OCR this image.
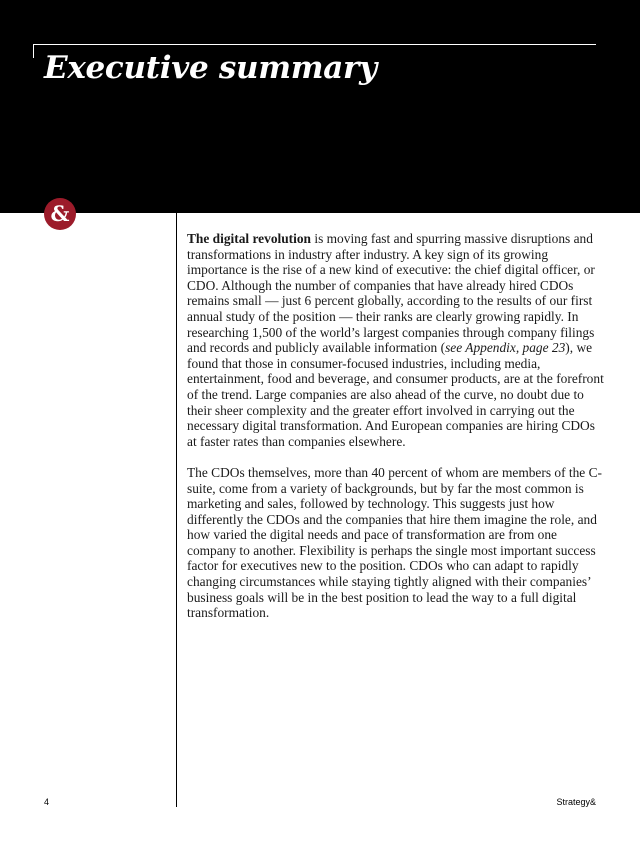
Executive summary
&

The digital revolution is moving fast and spurring massive disruptions and transformations in industry after industry. A key sign of its growing importance is the rise of a new kind of executive: the chief digital officer, or CDO. Although the number of companies that have already hired CDOs remains small — just 6 percent globally, according to the results of our first annual study of the position — their ranks are clearly growing rapidly. In researching 1,500 of the world’s largest companies through company filings and records and publicly available information (see Appendix, page 23), we found that those in consumer-focused industries, including media, entertainment, food and beverage, and consumer products, are at the forefront of the trend. Large companies are also ahead of the curve, no doubt due to their sheer complexity and the greater effort involved in carrying out the necessary digital transformation. And European companies are hiring CDOs at faster rates than companies elsewhere.

The CDOs themselves, more than 40 percent of whom are members of the C-suite, come from a variety of backgrounds, but by far the most common is marketing and sales, followed by technology. This suggests just how differently the CDOs and the companies that hire them imagine the role, and how varied the digital needs and pace of transformation are from one company to another. Flexibility is perhaps the single most important success factor for executives new to the position. CDOs who can adapt to rapidly changing circumstances while staying tightly aligned with their companies’ business goals will be in the best position to lead the way to a full digital transformation.

4	Strategy&
